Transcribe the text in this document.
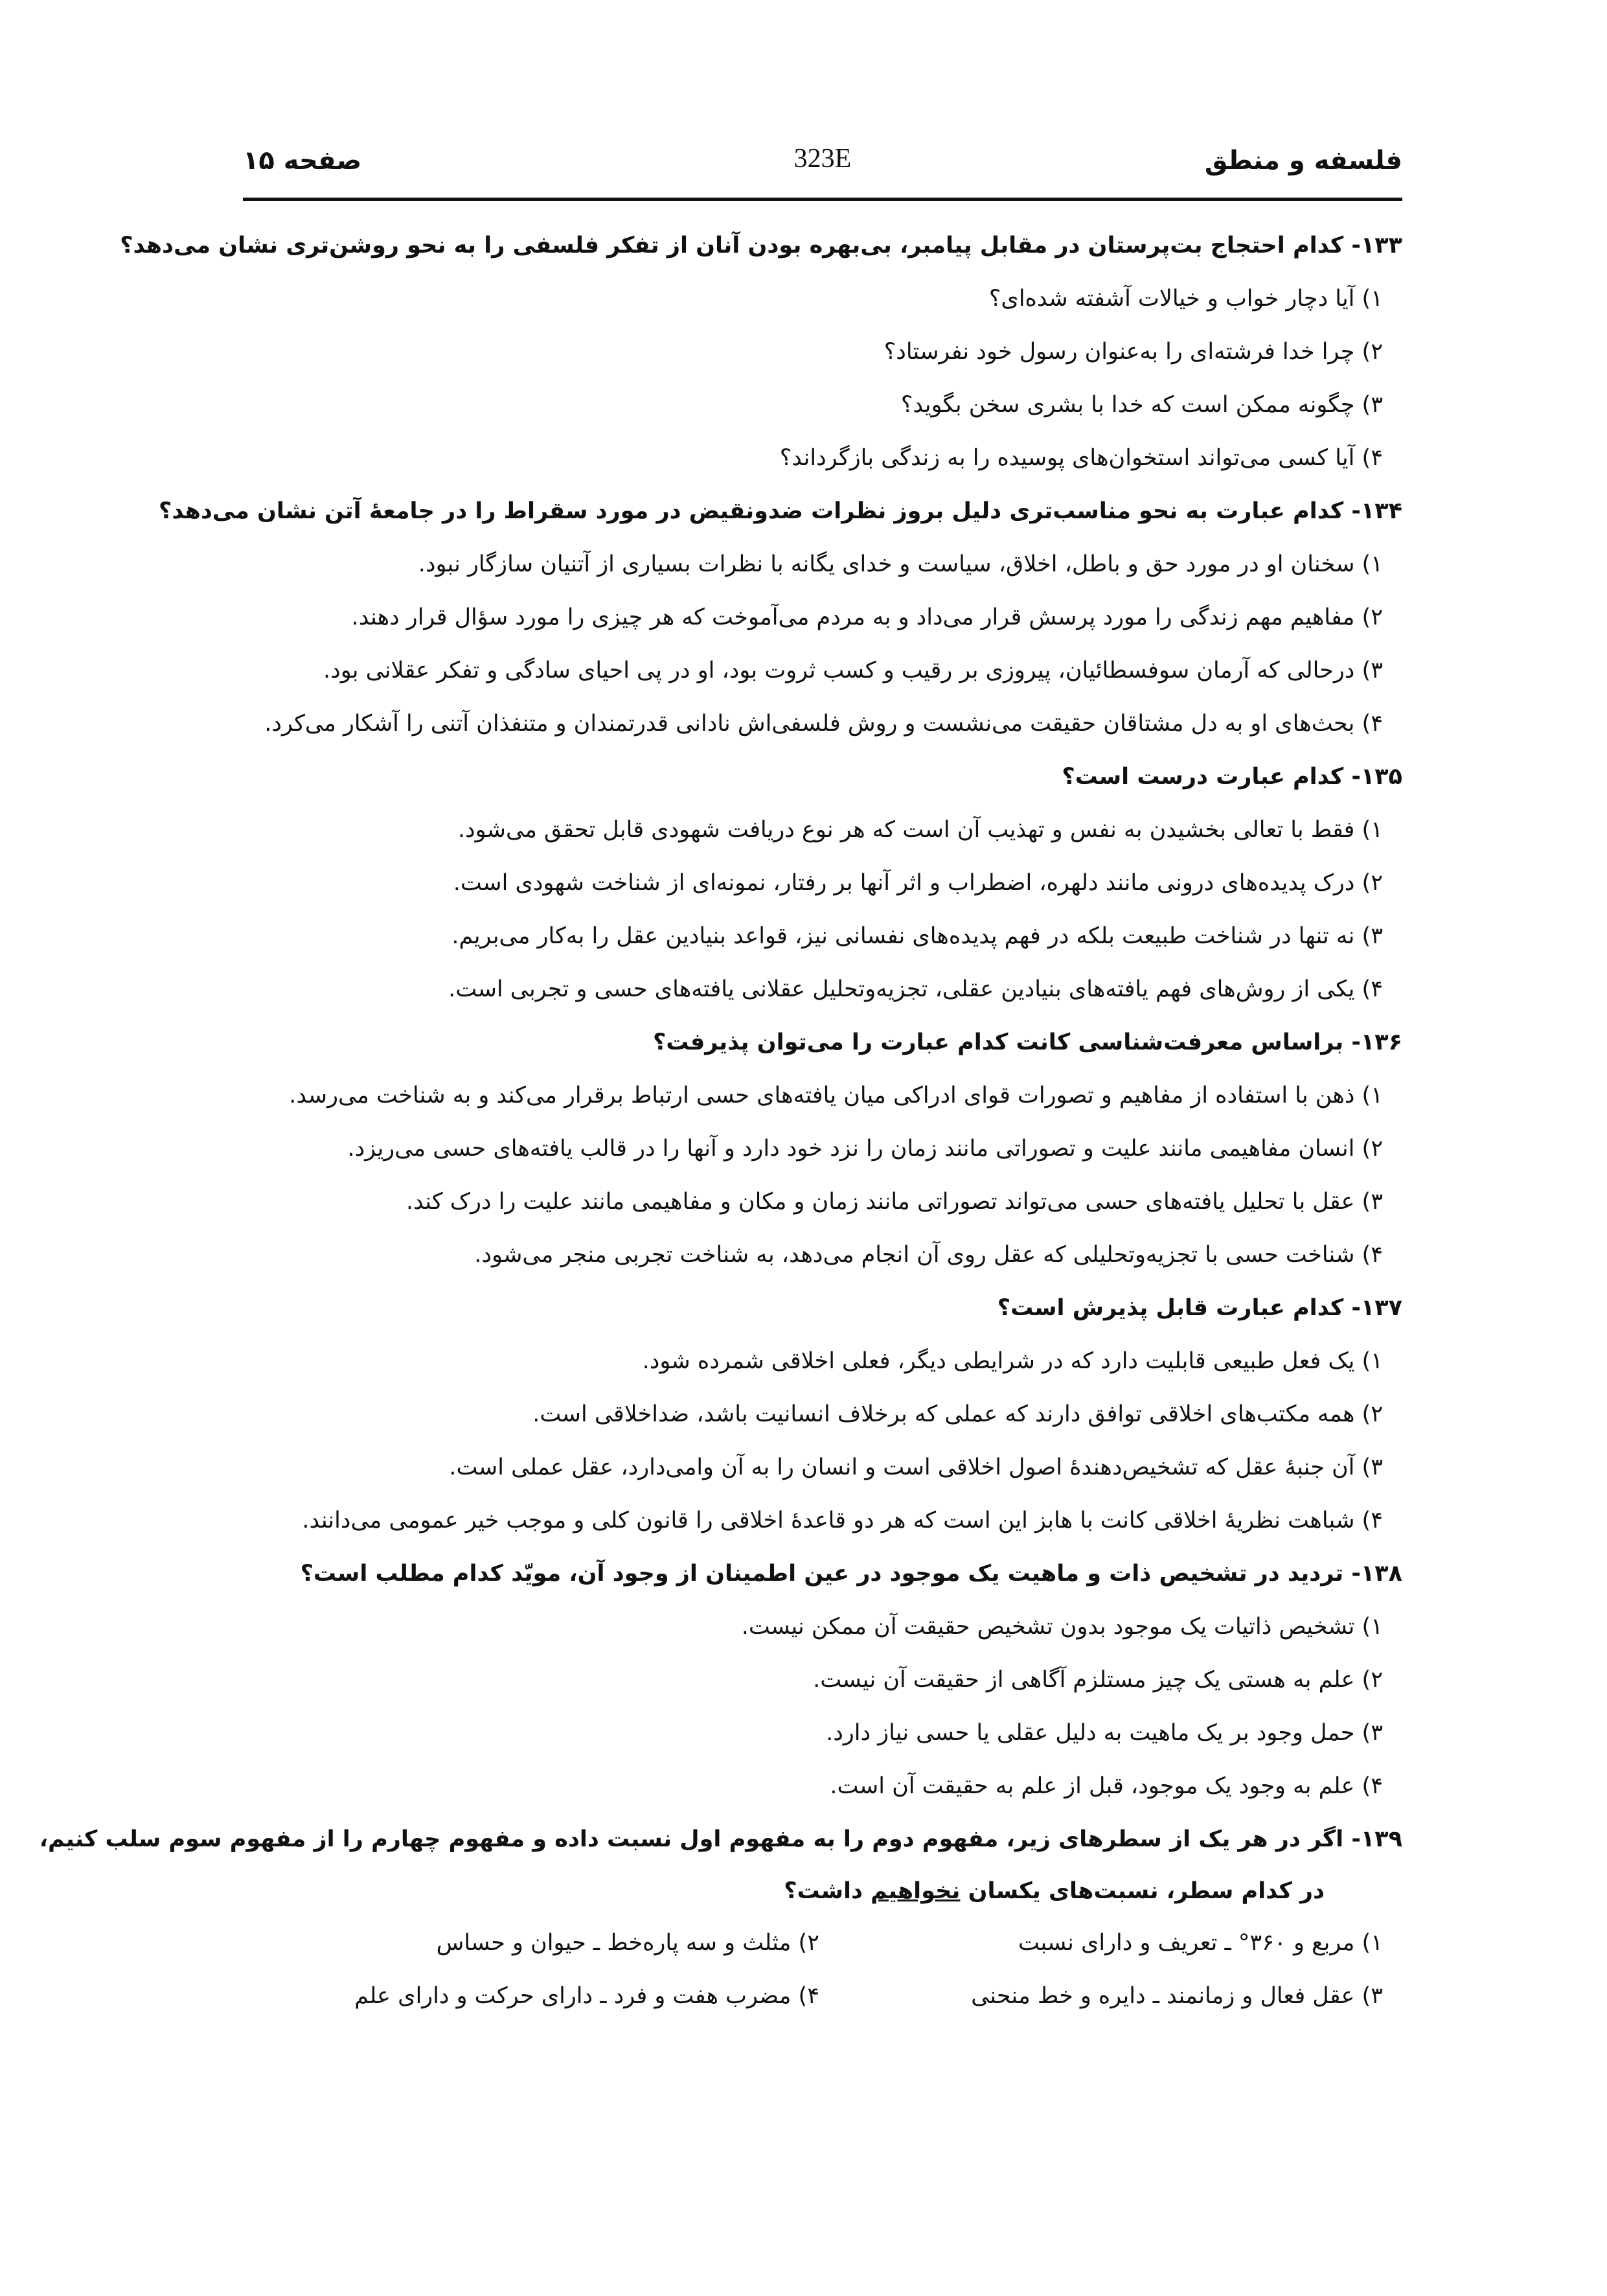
فلسفه و منطق
323E
صفحه ۱۵
۱۳۳- کدام احتجاج بت‌پرستان در مقابل پیامبر، بی‌بهره بودن آنان از تفکر فلسفی را به نحو روشن‌تری نشان می‌دهد؟
۱) آیا دچار خواب و خیالات آشفته شده‌ای؟
۲) چرا خدا فرشته‌ای را به‌عنوان رسول خود نفرستاد؟
۳) چگونه ممکن است که خدا با بشری سخن بگوید؟
۴) آیا کسی می‌تواند استخوان‌های پوسیده را به زندگی بازگرداند؟
۱۳۴- کدام عبارت به نحو مناسب‌تری دلیل بروز نظرات ضدونقیض در مورد سقراط را در جامعهٔ آتن نشان می‌دهد؟
۱) سخنان او در مورد حق و باطل، اخلاق، سیاست و خدای یگانه با نظرات بسیاری از آتنیان سازگار نبود.
۲) مفاهیم مهم زندگی را مورد پرسش قرار می‌داد و به مردم می‌آموخت که هر چیزی را مورد سؤال قرار دهند.
۳) درحالی که آرمان سوفسطائیان، پیروزی بر رقیب و کسب ثروت بود، او در پی احیای سادگی و تفکر عقلانی بود.
۴) بحث‌های او به دل مشتاقان حقیقت می‌نشست و روش فلسفی‌اش نادانی قدرتمندان و متنفذان آتنی را آشکار می‌کرد.
۱۳۵- کدام عبارت درست است؟
۱) فقط با تعالی بخشیدن به نفس و تهذیب آن است که هر نوع دریافت شهودی قابل تحقق می‌شود.
۲) درک پدیده‌های درونی مانند دلهره، اضطراب و اثر آنها بر رفتار، نمونه‌ای از شناخت شهودی است.
۳) نه تنها در شناخت طبیعت بلکه در فهم پدیده‌های نفسانی نیز، قواعد بنیادین عقل را به‌کار می‌بریم.
۴) یکی از روش‌های فهم یافته‌های بنیادین عقلی، تجزیه‌وتحلیل عقلانی یافته‌های حسی و تجربی است.
۱۳۶- براساس معرفت‌شناسی کانت کدام عبارت را می‌توان پذیرفت؟
۱) ذهن با استفاده از مفاهیم و تصورات قوای ادراکی میان یافته‌های حسی ارتباط برقرار می‌کند و به شناخت می‌رسد.
۲) انسان مفاهیمی مانند علیت و تصوراتی مانند زمان را نزد خود دارد و آنها را در قالب یافته‌های حسی می‌ریزد.
۳) عقل با تحلیل یافته‌های حسی می‌تواند تصوراتی مانند زمان و مکان و مفاهیمی مانند علیت را درک کند.
۴) شناخت حسی با تجزیه‌وتحلیلی که عقل روی آن انجام می‌دهد، به شناخت تجربی منجر می‌شود.
۱۳۷- کدام عبارت قابل پذیرش است؟
۱) یک فعل طبیعی قابلیت دارد که در شرایطی دیگر، فعلی اخلاقی شمرده شود.
۲) همه مکتب‌های اخلاقی توافق دارند که عملی که برخلاف انسانیت باشد، ضداخلاقی است.
۳) آن جنبهٔ عقل که تشخیص‌دهندهٔ اصول اخلاقی است و انسان را به آن وامی‌دارد، عقل عملی است.
۴) شباهت نظریهٔ اخلاقی کانت با هابز این است که هر دو قاعدهٔ اخلاقی را قانون کلی و موجب خیر عمومی می‌دانند.
۱۳۸- تردید در تشخیص ذات و ماهیت یک موجود در عین اطمینان از وجود آن، مویّد کدام مطلب است؟
۱) تشخیص ذاتیات یک موجود بدون تشخیص حقیقت آن ممکن نیست.
۲) علم به هستی یک چیز مستلزم آگاهی از حقیقت آن نیست.
۳) حمل وجود بر یک ماهیت به دلیل عقلی یا حسی نیاز دارد.
۴) علم به وجود یک موجود، قبل از علم به حقیقت آن است.
۱۳۹- اگر در هر یک از سطرهای زیر، مفهوم دوم را به مفهوم اول نسبت داده و مفهوم چهارم را از مفهوم سوم سلب کنیم،
در کدام سطر، نسبت‌های یکسان نخواهیم داشت؟
۱) مربع و ۳۶۰° ـ تعریف و دارای نسبت
۲) مثلث و سه پاره‌خط ـ حیوان و حساس
۳) عقل فعال و زمانمند ـ دایره و خط منحنی
۴) مضرب هفت و فرد ـ دارای حرکت و دارای علم
